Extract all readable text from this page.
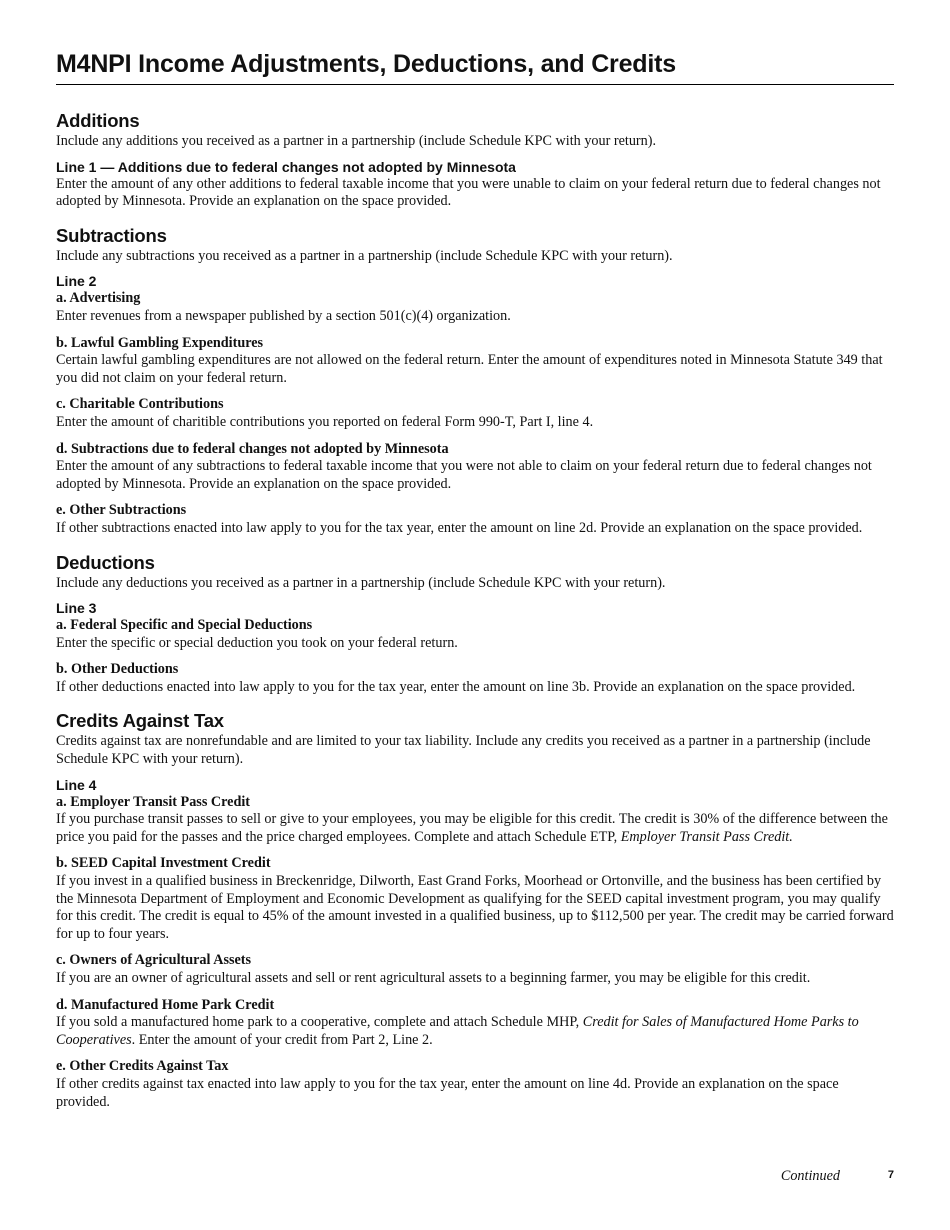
M4NPI Income Adjustments, Deductions, and Credits
Additions

Include any additions you received as a partner in a partnership (include Schedule KPC with your return).

Line 1 — Additions due to federal changes not adopted by Minnesota

Enter the amount of any other additions to federal taxable income that you were unable to claim on your federal return due to federal changes not adopted by Minnesota. Provide an explanation on the space provided.

Subtractions

Include any subtractions you received as a partner in a partnership (include Schedule KPC with your return).

Line 2

a. Advertising

Enter revenues from a newspaper published by a section 501(c)(4) organization.

b. Lawful Gambling Expenditures

Certain lawful gambling expenditures are not allowed on the federal return. Enter the amount of expenditures noted in Minnesota Statute 349 that you did not claim on your federal return.

c. Charitable Contributions

Enter the amount of charitible contributions you reported on federal Form 990-T, Part I, line 4.

d. Subtractions due to federal changes not adopted by Minnesota

Enter the amount of any subtractions to federal taxable income that you were not able to claim on your federal return due to federal changes not adopted by Minnesota. Provide an explanation on the space provided.

e. Other Subtractions

If other subtractions enacted into law apply to you for the tax year, enter the amount on line 2d. Provide an explanation on the space provided.

Deductions

Include any deductions you received as a partner in a partnership (include Schedule KPC with your return).

Line 3

a. Federal Specific and Special Deductions

Enter the specific or special deduction you took on your federal return.

b. Other Deductions

If other deductions enacted into law apply to you for the tax year, enter the amount on line 3b. Provide an explanation on the space provided.

Credits Against Tax

Credits against tax are nonrefundable and are limited to your tax liability. Include any credits you received as a partner in a partnership (include Schedule KPC with your return).

Line 4

a. Employer Transit Pass Credit

If you purchase transit passes to sell or give to your employees, you may be eligible for this credit. The credit is 30% of the difference between the price you paid for the passes and the price charged employees. Complete and attach Schedule ETP, Employer Transit Pass Credit.

b. SEED Capital Investment Credit

If you invest in a qualified business in Breckenridge, Dilworth, East Grand Forks, Moorhead or Ortonville, and the business has been certified by the Minnesota Department of Employment and Economic Development as qualifying for the SEED capital investment program, you may qualify for this credit. The credit is equal to 45% of the amount invested in a qualified business, up to $112,500 per year. The credit may be carried forward for up to four years.

c. Owners of Agricultural Assets

If you are an owner of agricultural assets and sell or rent agricultural assets to a beginning farmer, you may be eligible for this credit.

d. Manufactured Home Park Credit

If you sold a manufactured home park to a cooperative, complete and attach Schedule MHP, Credit for Sales of Manufactured Home Parks to Cooperatives. Enter the amount of your credit from Part 2, Line 2.

e. Other Credits Against Tax

If other credits against tax enacted into law apply to you for the tax year, enter the amount on line 4d. Provide an explanation on the space provided.

Continued	7
